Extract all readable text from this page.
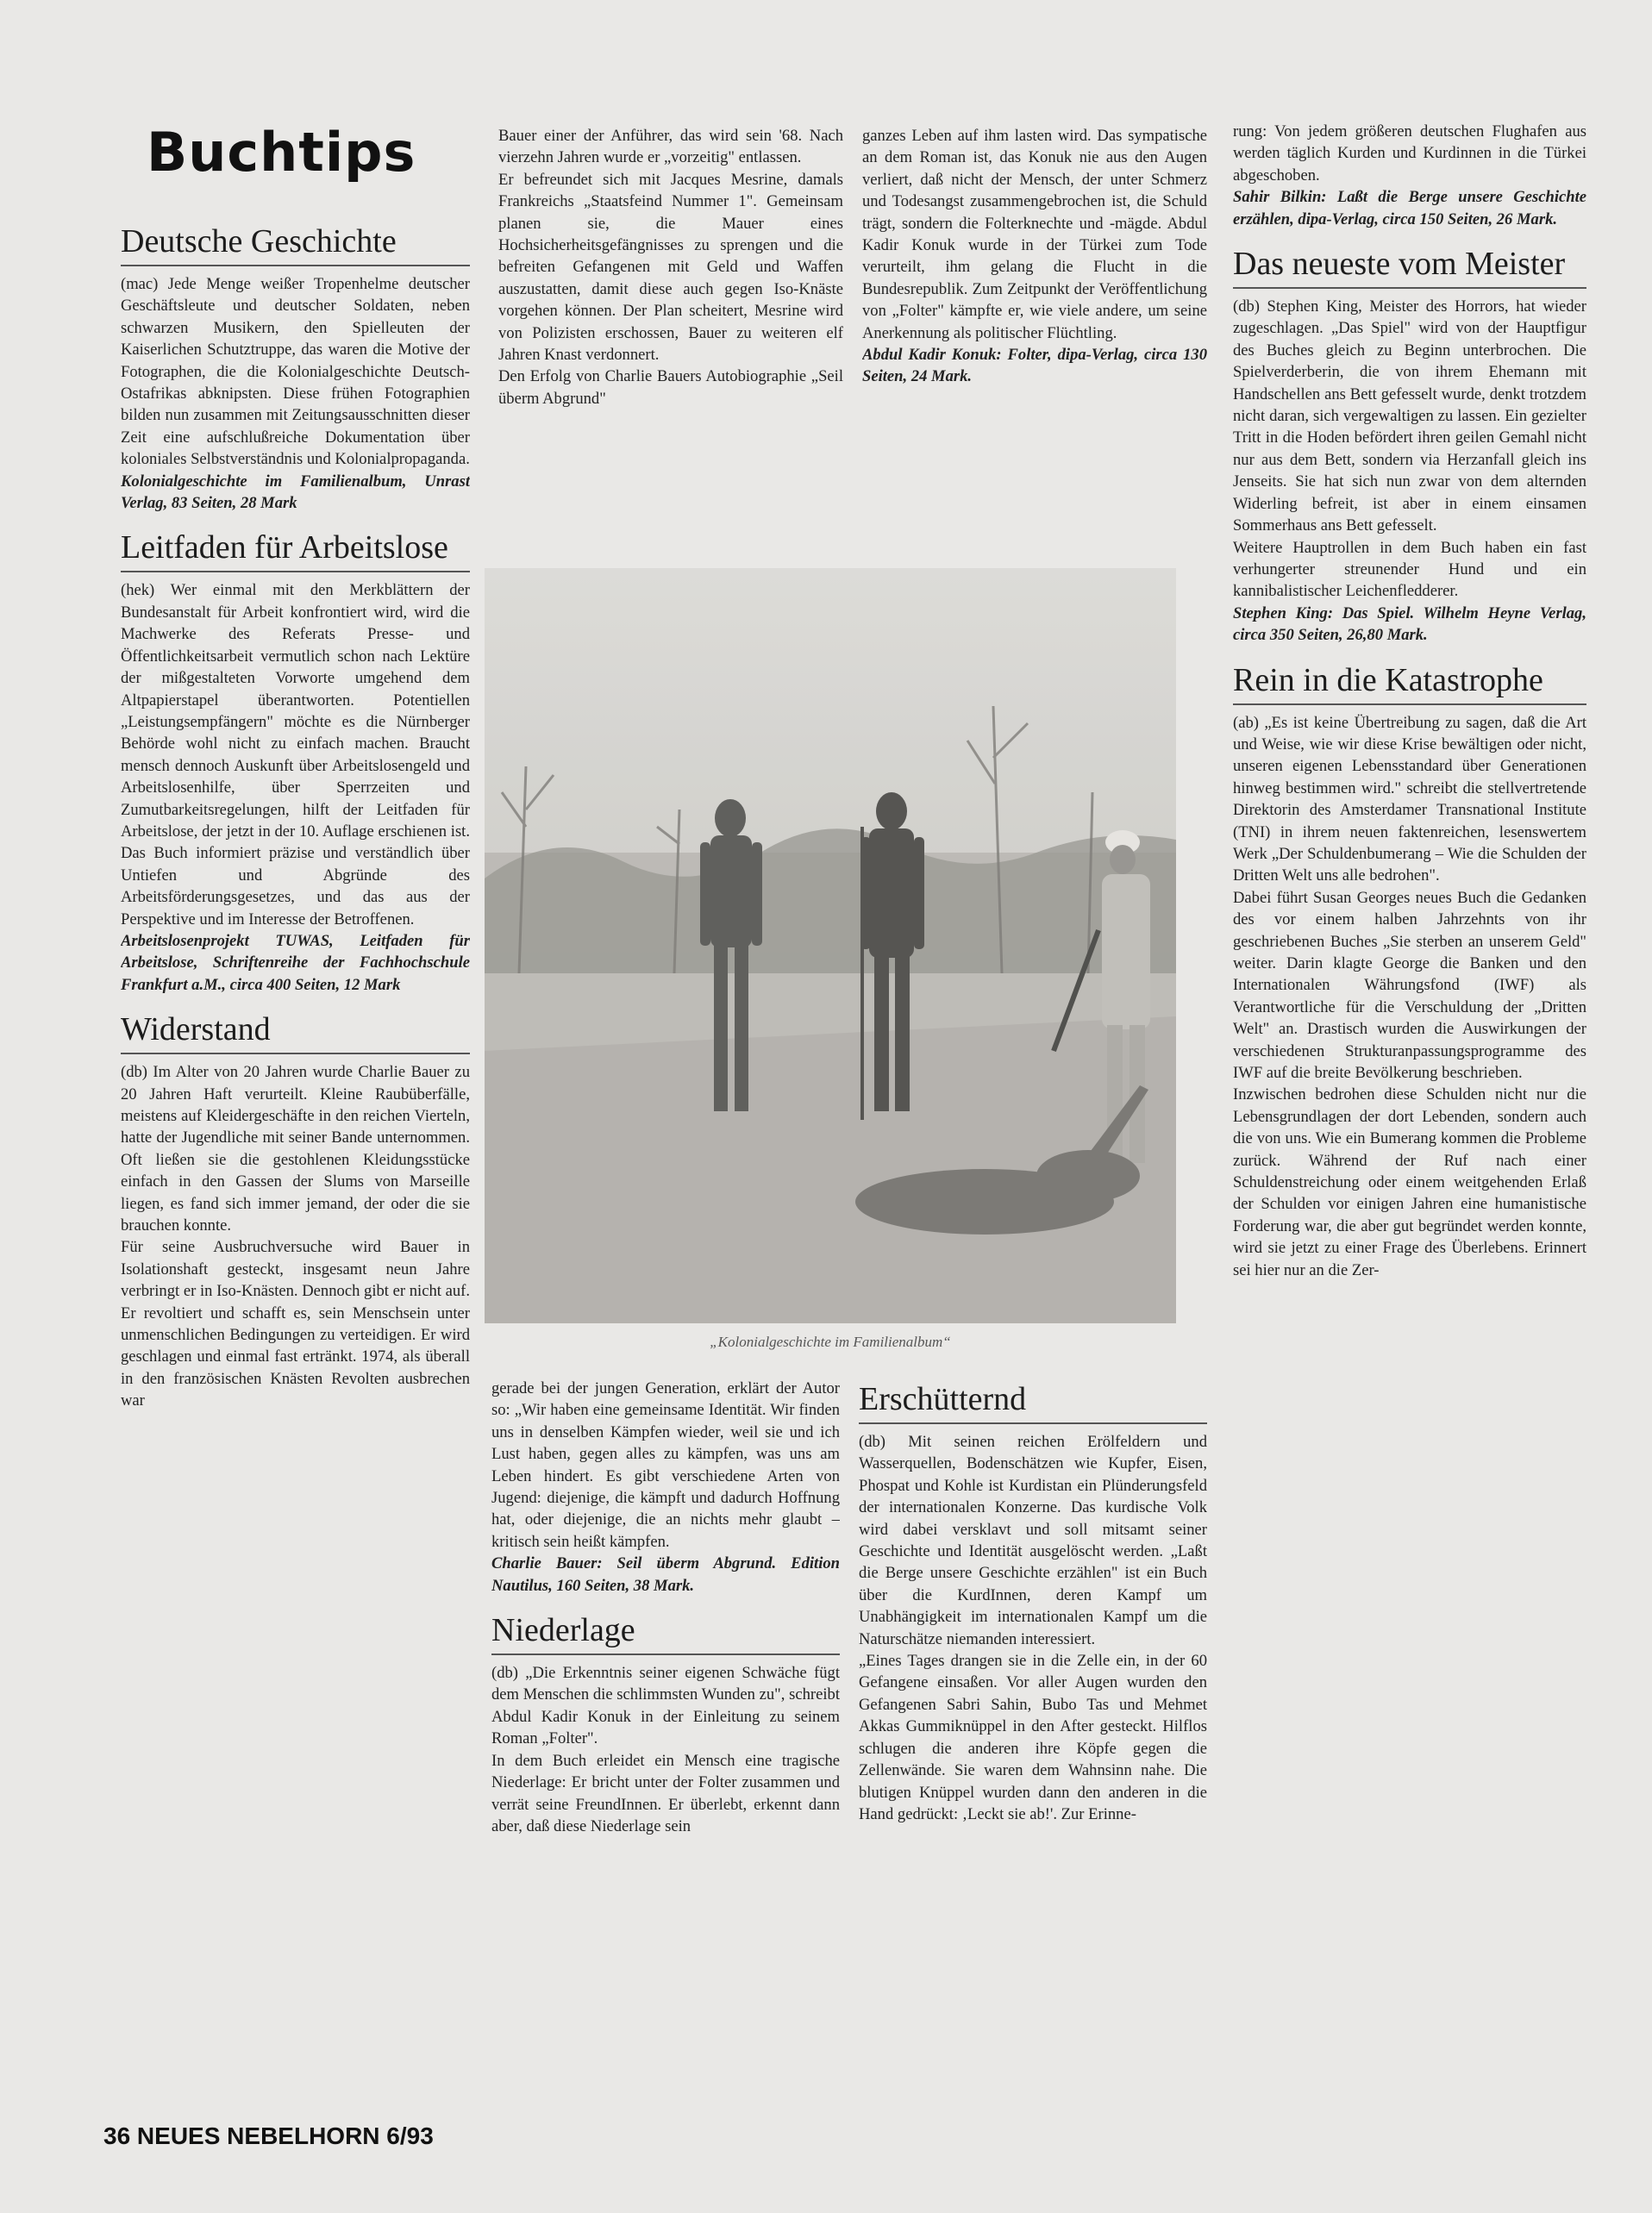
Buchtips
Deutsche Geschichte

(mac) Jede Menge weißer Tropenhelme deutscher Geschäftsleute und deutscher Soldaten, neben schwarzen Musikern, den Spielleuten der Kaiserlichen Schutztruppe, das waren die Motive der Fotographen, die die Kolonialgeschichte Deutsch-Ostafrikas abknipsten. Diese frühen Fotographien bilden nun zusammen mit Zeitungsausschnitten dieser Zeit eine aufschlußreiche Dokumentation über koloniales Selbstverständnis und Kolonialpropaganda.

Kolonialgeschichte im Familienalbum, Unrast Verlag, 83 Seiten, 28 Mark

Leitfaden für Arbeitslose

(hek) Wer einmal mit den Merkblättern der Bundesanstalt für Arbeit konfrontiert wird, wird die Machwerke des Referats Presse- und Öffentlichkeitsarbeit vermutlich schon nach Lektüre der mißgestalteten Vorworte umgehend dem Altpapierstapel überantworten. Potentiellen „Leistungsempfängern" möchte es die Nürnberger Behörde wohl nicht zu einfach machen. Braucht mensch dennoch Auskunft über Arbeitslosengeld und Arbeitslosenhilfe, über Sperrzeiten und Zumutbarkeitsregelungen, hilft der Leitfaden für Arbeitslose, der jetzt in der 10. Auflage erschienen ist. Das Buch informiert präzise und verständlich über Untiefen und Abgründe des Arbeitsförderungsgesetzes, und das aus der Perspektive und im Interesse der Betroffenen.

Arbeitslosenprojekt TUWAS, Leitfaden für Arbeitslose, Schriftenreihe der Fachhochschule Frankfurt a.M., circa 400 Seiten, 12 Mark

Widerstand

(db) Im Alter von 20 Jahren wurde Charlie Bauer zu 20 Jahren Haft verurteilt. Kleine Raubüberfälle, meistens auf Kleidergeschäfte in den reichen Vierteln, hatte der Jugendliche mit seiner Bande unternommen. Oft ließen sie die gestohlenen Kleidungsstücke einfach in den Gassen der Slums von Marseille liegen, es fand sich immer jemand, der oder die sie brauchen konnte.

Für seine Ausbruchversuche wird Bauer in Isolationshaft gesteckt, insgesamt neun Jahre verbringt er in Iso-Knästen. Dennoch gibt er nicht auf. Er revoltiert und schafft es, sein Menschsein unter unmenschlichen Bedingungen zu verteidigen. Er wird geschlagen und einmal fast ertränkt. 1974, als überall in den französischen Knästen Revolten ausbrechen war

Bauer einer der Anführer, das wird sein '68. Nach vierzehn Jahren wurde er „vorzeitig" entlassen.

Er befreundet sich mit Jacques Mesrine, damals Frankreichs „Staatsfeind Nummer 1". Gemeinsam planen sie, die Mauer eines Hochsicherheitsgefängnisses zu sprengen und die befreiten Gefangenen mit Geld und Waffen auszustatten, damit diese auch gegen Iso-Knäste vorgehen können. Der Plan scheitert, Mesrine wird von Polizisten erschossen, Bauer zu weiteren elf Jahren Knast verdonnert.

Den Erfolg von Charlie Bauers Autobiographie „Seil überm Abgrund"

ganzes Leben auf ihm lasten wird. Das sympatische an dem Roman ist, das Konuk nie aus den Augen verliert, daß nicht der Mensch, der unter Schmerz und Todesangst zusammengebrochen ist, die Schuld trägt, sondern die Folterknechte und -mägde. Abdul Kadir Konuk wurde in der Türkei zum Tode verurteilt, ihm gelang die Flucht in die Bundesrepublik. Zum Zeitpunkt der Veröffentlichung von „Folter" kämpfte er, wie viele andere, um seine Anerkennung als politischer Flüchtling.

Abdul Kadir Konuk: Folter, dipa-Verlag, circa 130 Seiten, 24 Mark.

„Kolonialgeschichte im Familienalbum“

gerade bei der jungen Generation, erklärt der Autor so: „Wir haben eine gemeinsame Identität. Wir finden uns in denselben Kämpfen wieder, weil sie und ich Lust haben, gegen alles zu kämpfen, was uns am Leben hindert. Es gibt verschiedene Arten von Jugend: diejenige, die kämpft und dadurch Hoffnung hat, oder diejenige, die an nichts mehr glaubt – kritisch sein heißt kämpfen.

Charlie Bauer: Seil überm Abgrund. Edition Nautilus, 160 Seiten, 38 Mark.

Niederlage

(db) „Die Erkenntnis seiner eigenen Schwäche fügt dem Menschen die schlimmsten Wunden zu", schreibt Abdul Kadir Konuk in der Einleitung zu seinem Roman „Folter".

In dem Buch erleidet ein Mensch eine tragische Niederlage: Er bricht unter der Folter zusammen und verrät seine FreundInnen. Er überlebt, erkennt dann aber, daß diese Niederlage sein

Erschütternd

(db) Mit seinen reichen Erölfeldern und Wasserquellen, Bodenschätzen wie Kupfer, Eisen, Phospat und Kohle ist Kurdistan ein Plünderungsfeld der internationalen Konzerne. Das kurdische Volk wird dabei versklavt und soll mitsamt seiner Geschichte und Identität ausgelöscht werden. „Laßt die Berge unsere Geschichte erzählen" ist ein Buch über die KurdInnen, deren Kampf um Unabhängigkeit im internationalen Kampf um die Naturschätze niemanden interessiert.

„Eines Tages drangen sie in die Zelle ein, in der 60 Gefangene einsaßen. Vor aller Augen wurden den Gefangenen Sabri Sahin, Bubo Tas und Mehmet Akkas Gummiknüppel in den After gesteckt. Hilflos schlugen die anderen ihre Köpfe gegen die Zellenwände. Sie waren dem Wahnsinn nahe. Die blutigen Knüppel wurden dann den anderen in die Hand gedrückt: ‚Leckt sie ab!'. Zur Erinne-

rung: Von jedem größeren deutschen Flughafen aus werden täglich Kurden und Kurdinnen in die Türkei abgeschoben.

Sahir Bilkin: Laßt die Berge unsere Geschichte erzählen, dipa-Verlag, circa 150 Seiten, 26 Mark.

Das neueste vom Meister

(db) Stephen King, Meister des Horrors, hat wieder zugeschlagen. „Das Spiel" wird von der Hauptfigur des Buches gleich zu Beginn unterbrochen. Die Spielverderberin, die von ihrem Ehemann mit Handschellen ans Bett gefesselt wurde, denkt trotzdem nicht daran, sich vergewaltigen zu lassen. Ein gezielter Tritt in die Hoden befördert ihren geilen Gemahl nicht nur aus dem Bett, sondern via Herzanfall gleich ins Jenseits. Sie hat sich nun zwar von dem alternden Widerling befreit, ist aber in einem einsamen Sommerhaus ans Bett gefesselt.

Weitere Hauptrollen in dem Buch haben ein fast verhungerter streunender Hund und ein kannibalistischer Leichenfledderer.

Stephen King: Das Spiel. Wilhelm Heyne Verlag, circa 350 Seiten, 26,80 Mark.

Rein in die Katastrophe

(ab) „Es ist keine Übertreibung zu sagen, daß die Art und Weise, wie wir diese Krise bewältigen oder nicht, unseren eigenen Lebensstandard über Generationen hinweg bestimmen wird." schreibt die stellvertretende Direktorin des Amsterdamer Transnational Institute (TNI) in ihrem neuen faktenreichen, lesenswertem Werk „Der Schuldenbumerang – Wie die Schulden der Dritten Welt uns alle bedrohen".

Dabei führt Susan Georges neues Buch die Gedanken des vor einem halben Jahrzehnts von ihr geschriebenen Buches „Sie sterben an unserem Geld" weiter. Darin klagte George die Banken und den Internationalen Währungsfond (IWF) als Verantwortliche für die Verschuldung der „Dritten Welt" an. Drastisch wurden die Auswirkungen der verschiedenen Strukturanpassungsprogramme des IWF auf die breite Bevölkerung beschrieben.

Inzwischen bedrohen diese Schulden nicht nur die Lebensgrundlagen der dort Lebenden, sondern auch die von uns. Wie ein Bumerang kommen die Probleme zurück. Während der Ruf nach einer Schuldenstreichung oder einem weitgehenden Erlaß der Schulden vor einigen Jahren eine humanistische Forderung war, die aber gut begründet werden konnte, wird sie jetzt zu einer Frage des Überlebens. Erinnert sei hier nur an die Zer-

36 NEUES NEBELHORN 6/93
